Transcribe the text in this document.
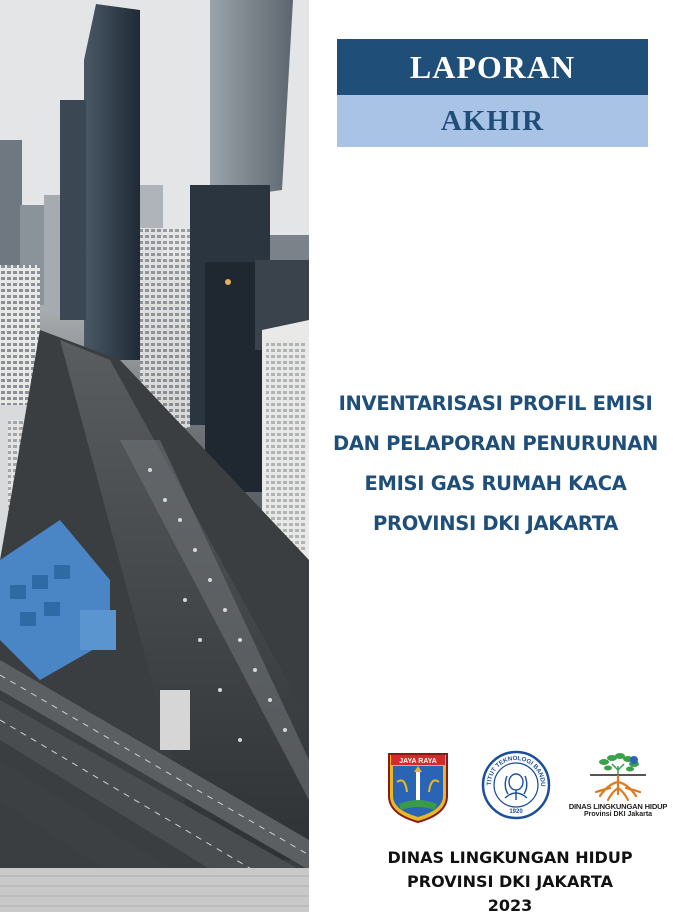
LAPORAN
AKHIR
INVENTARISASI PROFIL EMISI
DAN PELAPORAN PENURUNAN
EMISI GAS RUMAH KACA
PROVINSI DKI JAKARTA
JAYA RAYA
TITUT TEKNOLOGI BANDU
1920
DINAS LINGKUNGAN HIDUP
Provinsi DKI Jakarta
DINAS LINGKUNGAN HIDUP
PROVINSI DKI JAKARTA
2023
